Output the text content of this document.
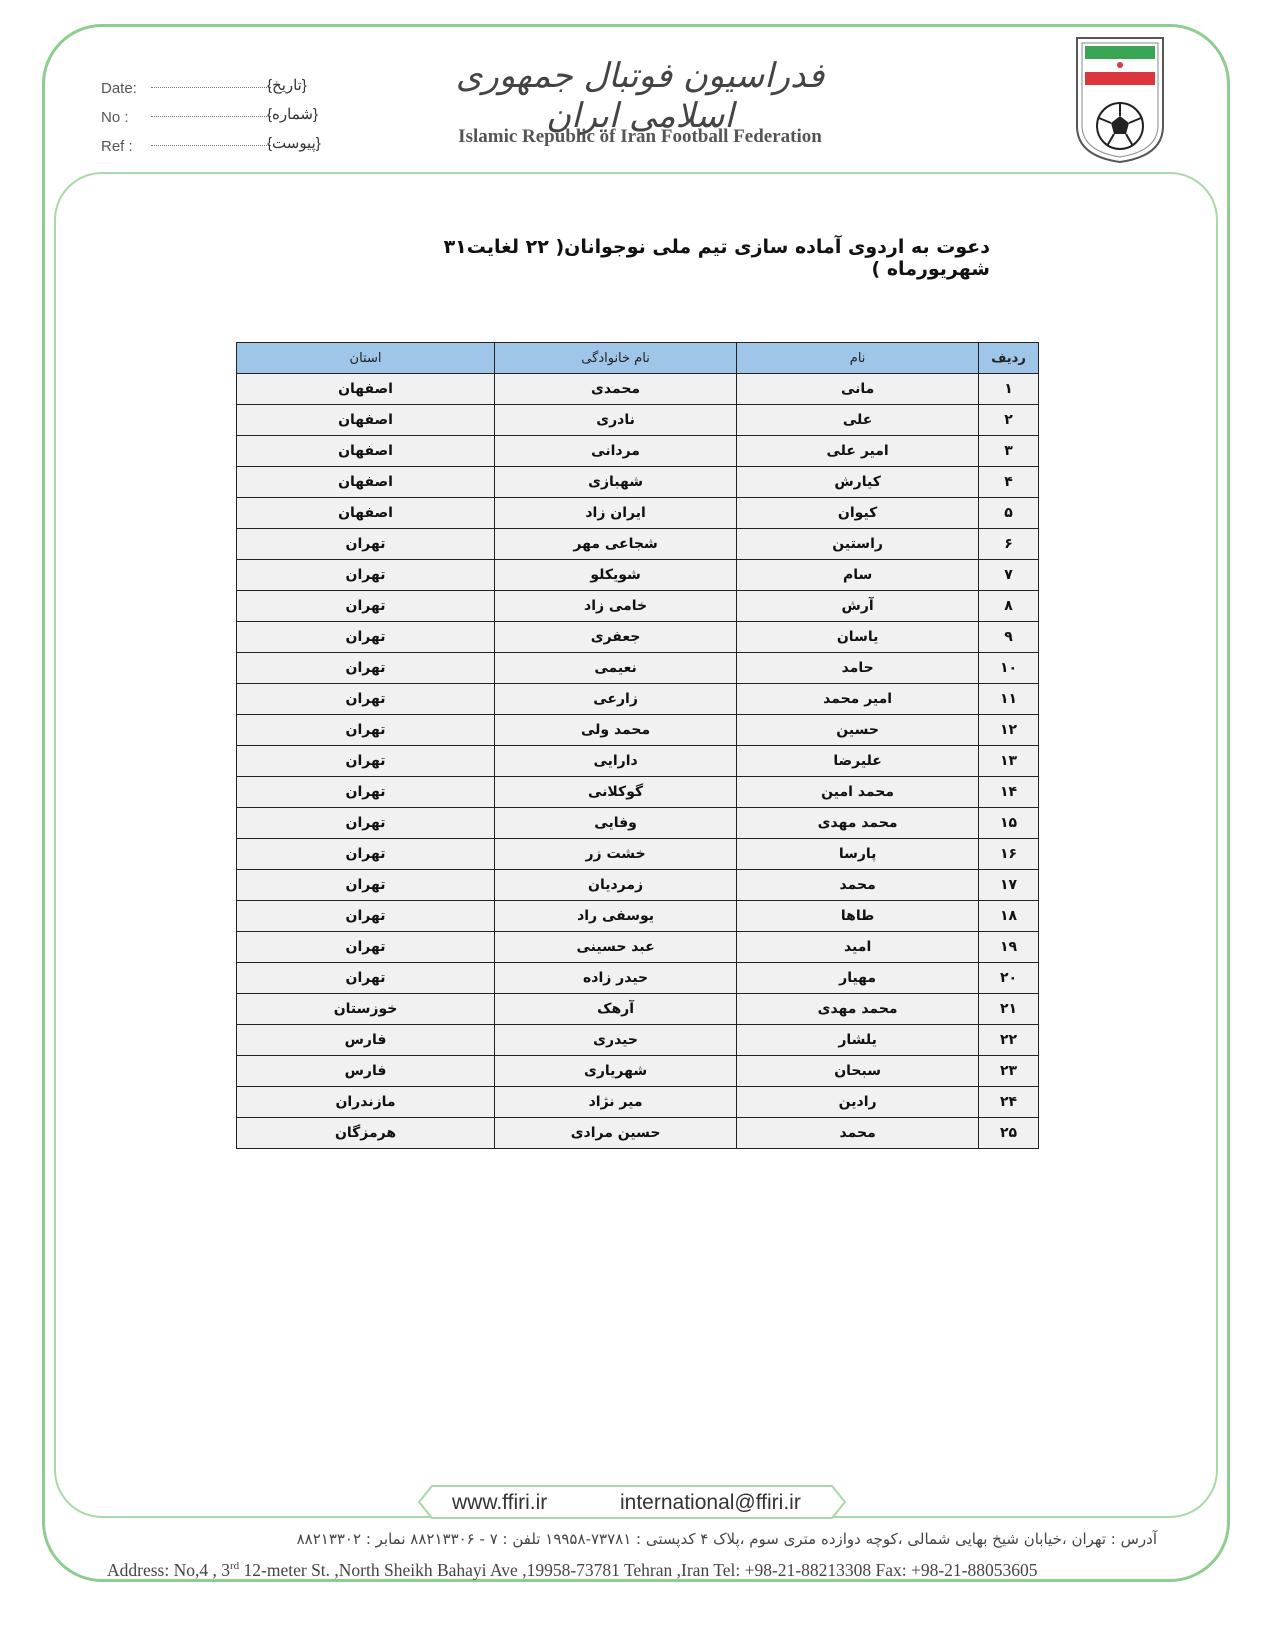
Date:	{تاریخ}
No :	{شماره}
Ref :	{پیوست}
فدراسیون فوتبال جمهوری اسلامی ایران
Islamic Republic of Iran Football Federation
دعوت به اردوی آماده سازی تیم ملی نوجوانان( ۲۲ لغایت۳۱ شهریورماه )
ردیف	نام	نام خانوادگی	استان
۱	مانی	محمدی	اصفهان
۲	علی	نادری	اصفهان
۳	امیر علی	مردانی	اصفهان
۴	کیارش	شهبازی	اصفهان
۵	کیوان	ایران زاد	اصفهان
۶	راستین	شجاعی مهر	تهران
۷	سام	شویکلو	تهران
۸	آرش	خامی زاد	تهران
۹	یاسان	جعفری	تهران
۱۰	حامد	نعیمی	تهران
۱۱	امیر محمد	زارعی	تهران
۱۲	حسین	محمد ولی	تهران
۱۳	علیرضا	دارایی	تهران
۱۴	محمد امین	گوکلانی	تهران
۱۵	محمد مهدی	وفایی	تهران
۱۶	پارسا	خشت زر	تهران
۱۷	محمد	زمردیان	تهران
۱۸	طاها	یوسفی راد	تهران
۱۹	امید	عبد حسینی	تهران
۲۰	مهیار	حیدر زاده	تهران
۲۱	محمد مهدی	آرهک	خوزستان
۲۲	یلشار	حیدری	فارس
۲۳	سبحان	شهریاری	فارس
۲۴	رادین	میر نژاد	مازندران
۲۵	محمد	حسین مرادی	هرمزگان
www.ffiri.ir	international@ffiri.ir
آدرس : تهران ،خیابان شیخ بهایی شمالی ،کوچه دوازده متری سوم ،پلاک ۴ کدپستی : ۷۳۷۸۱-۱۹۹۵۸ تلفن : ۷ - ۸۸۲۱۳۳۰۶ نمابر : ۸۸۲۱۳۳۰۲
Address: No,4 , 3rd 12-meter St. ,North Sheikh Bahayi Ave ,19958-73781 Tehran ,Iran Tel: +98-21-88213308 Fax: +98-21-88053605
